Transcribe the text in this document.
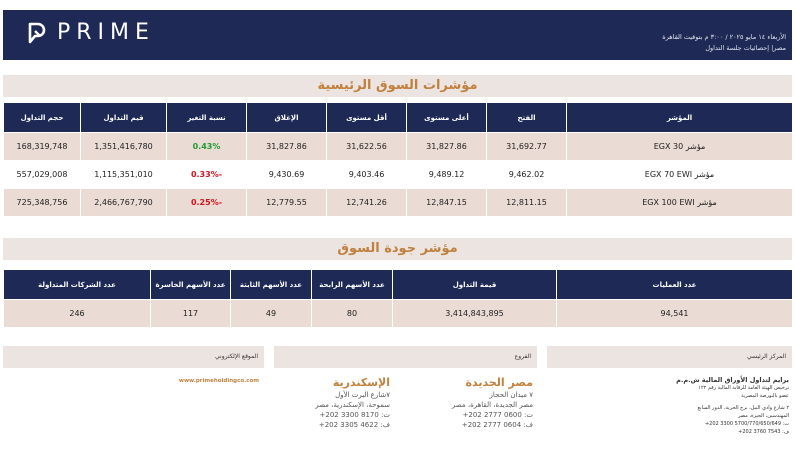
PRIME	الأربعاء ١٤ مايو ٢٠٢٥ / ٣:٠٠ م بتوقيت القاهرة
مصر| إحصائيات جلسة التداول
مؤشرات السوق الرئيسية
المؤشر	الفتح	أعلى مستوى	أقل مستوى	الإغلاق	نسبة التغير	قيم التداول	حجم التداول
مؤشر EGX 30	31,692.77	31,827.86	31,622.56	31,827.86	0.43%	1,351,416,780	168,319,748
مؤشر EGX 70 EWI	9,462.02	9,489.12	9,403.46	9,430.69	-0.33%	1,115,351,010	557,029,008
مؤشر EGX 100 EWI	12,811.15	12,847.15	12,741.26	12,779.55	-0.25%	2,466,767,790	725,348,756
مؤشر جودة السوق
عدد العمليات	قيمة التداول	عدد الأسهم الرابحة	عدد الأسهم الثابتة	عدد الأسهم الخاسرة	عدد الشركات المتداولة
94,541	3,414,843,895	80	49	117	246
المركز الرئيسي
الفروع
الموقع الإلكتروني
برايم لتداول الأوراق المالية ش.م.م
ترخيص الهيئة العامة للرقابة المالية رقم ١٢٢
عضو بالبورصة المصرية
٢ شارع وادي النيل، برج الحرية، الدور السابع
المهندسين، الجيزة، مصر
+202 3300 5700/770/650/649 :ت
+202 3760 7543 :ف
مصر الجديدة
٧ ميدان الحجاز
مصر الجديدة، القاهرة، مصر
+202 2777 0600 :ت
+202 2777 0604 :ف
الإسكندرية
٧شارع البرت الأول
سموحة، الإسكندرية، مصر
+202 3300 8170 :ت
+202 3305 4622 :ف
www.primeholdingco.com
